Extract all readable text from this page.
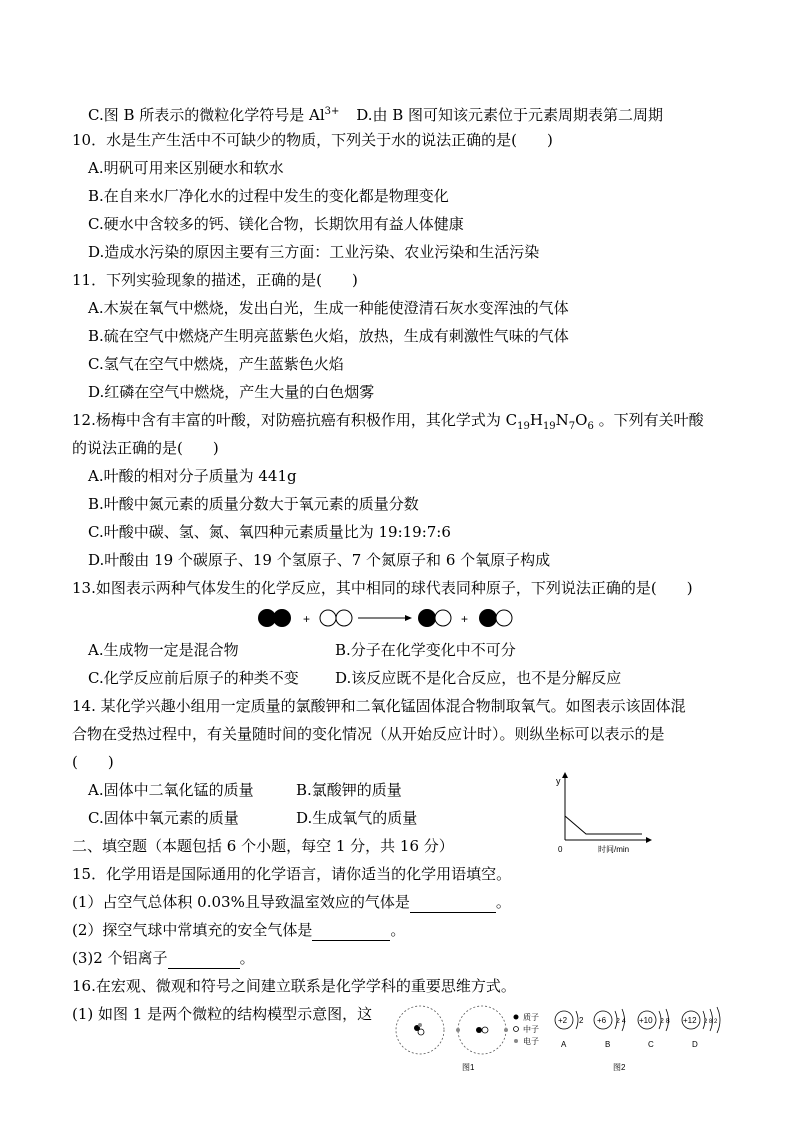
C.图 B 所表示的微粒化学符号是 $Al^{3+}$ D.由 B 图可知该元素位于元素周期表第二周期
10．水是生产生活中不可缺少的物质，下列关于水的说法正确的是(　　)
A.明矾可用来区别硬水和软水
B.在自来水厂净化水的过程中发生的变化都是物理变化
C.硬水中含较多的钙、镁化合物，长期饮用有益人体健康
D.造成水污染的原因主要有三方面：工业污染、农业污染和生活污染
11．下列实验现象的描述，正确的是(　　)
A.木炭在氧气中燃烧，发出白光，生成一种能使澄清石灰水变浑浊的气体
B.硫在空气中燃烧产生明亮蓝紫色火焰，放热，生成有刺激性气味的气体
C.氢气在空气中燃烧，产生蓝紫色火焰
D.红磷在空气中燃烧，产生大量的白色烟雾
12.杨梅中含有丰富的叶酸，对防癌抗癌有积极作用，其化学式为 $C_{19}H_{19}N_7O_6$ 。下列有关叶酸
的说法正确的是(　　)
A.叶酸的相对分子质量为 441g
B.叶酸中氮元素的质量分数大于氧元素的质量分数
C.叶酸中碳、氢、氮、氧四种元素质量比为 19:19:7:6
D.叶酸由 19 个碳原子、19 个氢原子、7 个氮原子和 6 个氧原子构成
13.如图表示两种气体发生的化学反应，其中相同的球代表同种原子，下列说法正确的是(　　)
+	+
A.生成物一定是混合物	B.分子在化学变化中不可分
C.化学反应前后原子的种类不变 D.该反应既不是化合反应，也不是分解反应
14. 某化学兴趣小组用一定质量的氯酸钾和二氧化锰固体混合物制取氧气。如图表示该固体混
合物在受热过程中，有关量随时间的变化情况（从开始反应计时）。则纵坐标可以表示的是
(　　)
A.固体中二氧化锰的质量	B.氯酸钾的质量
C.固体中氧元素的质量	D.生成氧气的质量
y
0	时间/min
二、填空题（本题包括 6 个小题，每空 1 分，共 16 分）
15．化学用语是国际通用的化学语言，请你适当的化学用语填空。
(1）占空气总体积 0.03%且导致温室效应的气体是	。
(2）探空气球中常填充的安全气体是	。
(3)2 个铝离子	。
16.在宏观、微观和符号之间建立联系是化学学科的重要思维方式。
(1) 如图 1 是两个微粒的结构模型示意图，这	质子
中子
电子
图1
+2 2
A
+6 2 4
B
+10 2 8
C
+12 2 8 2
D
图2
